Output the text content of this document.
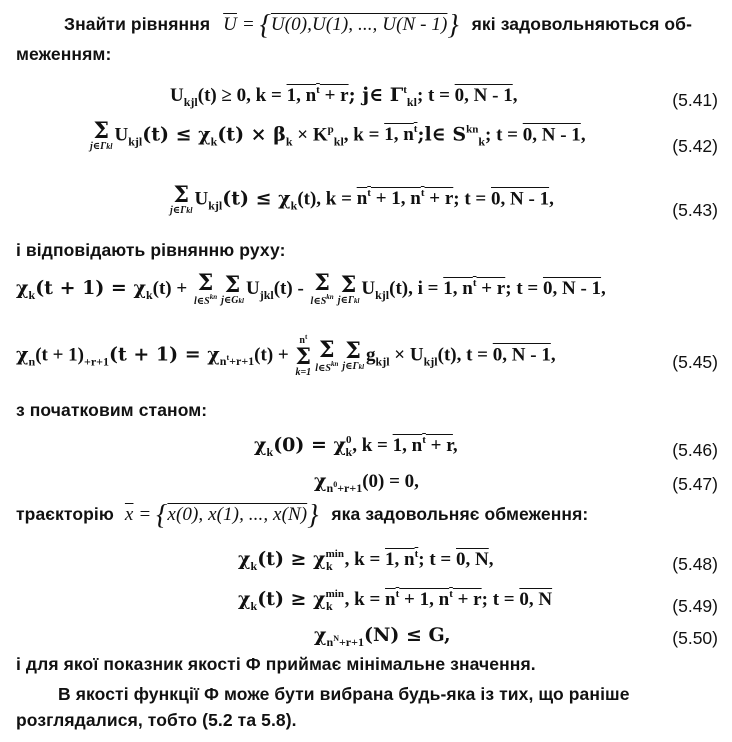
Знайти рівняння $\overline{U} = \{U(0),U(1)$, ..., U(N - 1)} які задовольняються об-
меженням:
$U_{kjl}(t) \ge 0$, k = 1, $n^t + r$; j∈ $\Gamma^t_{kl}$; t = 0, N - 1,	(5.41)
Σ
j∈Γkl
$U_{kjl}(t) \le \chi_k(t) \times \beta_k \times K^p_{kl}$, k = 1, $n^t;l\in$ $S^{kn}_k$; t = 0, N - 1,
(5.42)
Σ
j∈Γkl
$U_{kjl}(t) \le \chi_k(t)$, $k = n^t + 1$, $n^t + r$; t = 0, N - 1,
(5.43)
і відповідають рівнянню руху:
$\chi_k(t + 1) = \chi_k(t) + \Sigma$
$l\in S^{kn}$ Σ
j∈Gkl
$U_{jkl}(t)$ - Σ
$l\in S^{kn}$ Σ
j∈Γkl
$U_{kjl}(t)$, i = 1, $n^t + r$; t = 0, N - 1,
$\chi_n(t + 1)_{+r+1}(t + 1) = \chi_{n^t+r+1}(t)$ +
$n^t$
Σ
k=1
Σ
$l\in S^{kn}$ Σ
j∈Γkl
$g_{kjl} \times U_{kjl}(t)$, t = 0, N - 1,	(5.45)
з початковим станом:
$\chi_k(0) = \chi^0_k$, k = 1, $n^t + r$,	(5.46)
$\chi_{n^0+r+1}(0) = 0$,	(5.47)
траєкторію $\overline{x} = \{x(0)$, x(1), ..., x(N)} яка задовольняє обмеження:
$\chi_k(t) \ge \chi^{min}_k$ , k = 1, $n^t$; t = 0, N,	(5.48)
$\chi_k(t) \ge \chi^{min}_k$ , $k = n^t + 1$, $n^t + r$; t = 0, N	(5.49)
$\chi_{n^N+r+1}(N) \le G$,	(5.50)
і для якої показник якості Ф приймає мінімальне значення.
В якості функції Ф може бути вибрана будь-яка із тих, що раніше
розглядалися, тобто (5.2 та 5.8).
